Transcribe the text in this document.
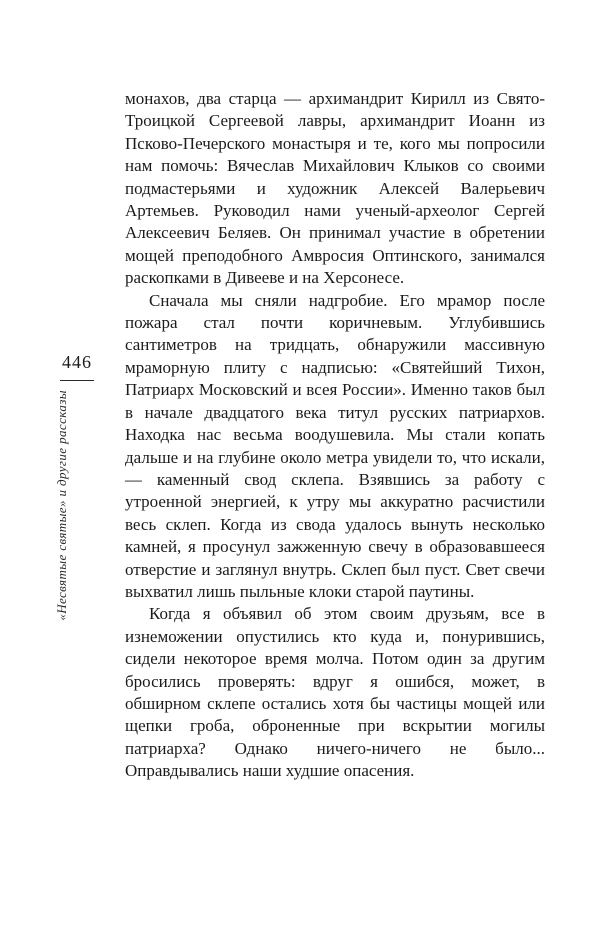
446
«Несвятые святые» и другие рассказы

монахов, два старца — архимандрит Кирилл из Свято-Троицкой Сергеевой лавры, архимандрит Иоанн из Псково-Печерского монастыря и те, кого мы попросили нам помочь: Вячеслав Михайлович Клыков со своими подмастерьями и художник Алексей Валерьевич Артемьев. Руководил нами ученый-археолог Сергей Алексеевич Беляев. Он принимал участие в обретении мощей преподобного Амвросия Оптинского, занимался раскопками в Дивееве и на Херсонесе.

Сначала мы сняли надгробие. Его мрамор после пожара стал почти коричневым. Углубившись сантиметров на тридцать, обнаружили массивную мраморную плиту с надписью: «Святейший Тихон, Патриарх Московский и всея России». Именно таков был в начале двадцатого века титул русских патриархов. Находка нас весьма воодушевила. Мы стали копать дальше и на глубине около метра увидели то, что искали, — каменный свод склепа. Взявшись за работу с утроенной энергией, к утру мы аккуратно расчистили весь склеп. Когда из свода удалось вынуть несколько камней, я просунул зажженную свечу в образовавшееся отверстие и заглянул внутрь. Склеп был пуст. Свет свечи выхватил лишь пыльные клоки старой паутины.

Когда я объявил об этом своим друзьям, все в изнеможении опустились кто куда и, понурившись, сидели некоторое время молча. Потом один за другим бросились проверять: вдруг я ошибся, может, в обширном склепе остались хотя бы частицы мощей или щепки гроба, оброненные при вскрытии могилы патриарха? Однако ничего-ничего не было... Оправдывались наши худшие опасения.
